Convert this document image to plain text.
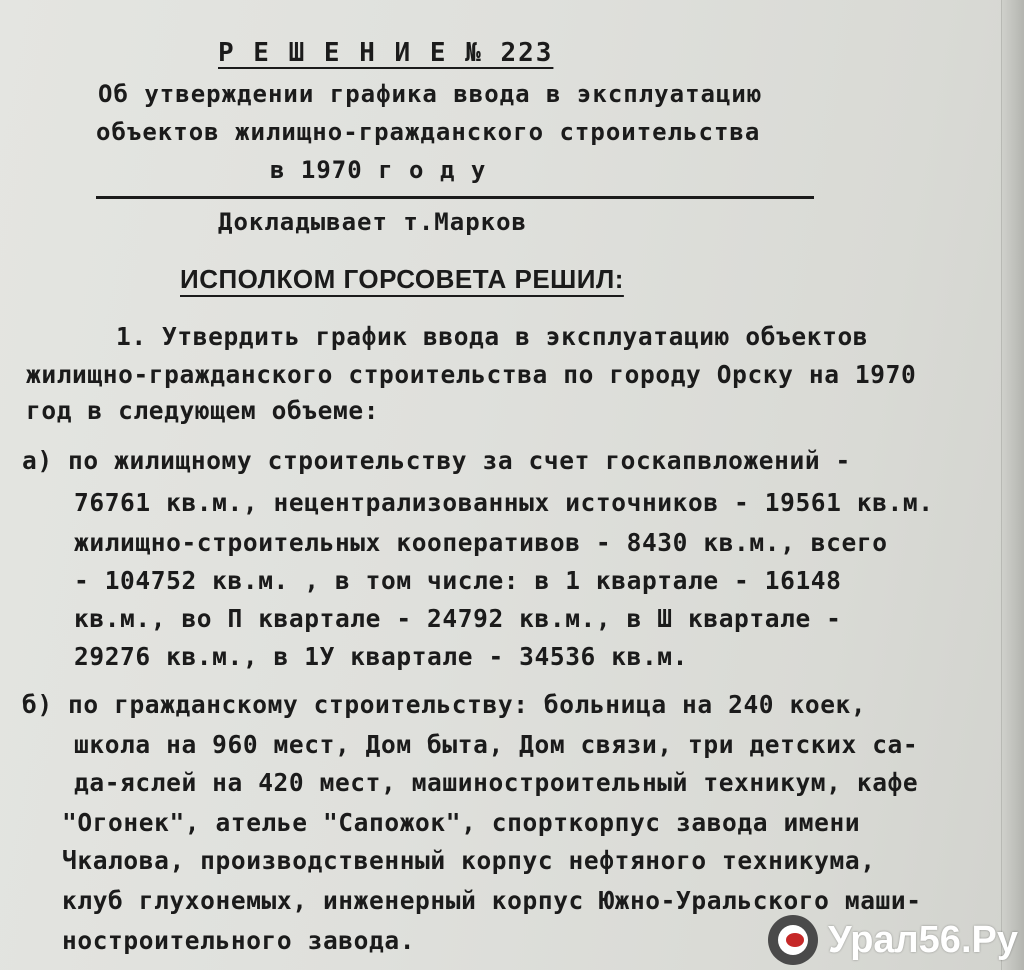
Р Е Ш Е Н И Е № 223
Об утверждении графика ввода в эксплуатацию
объектов жилищно-гражданского строительства
в 1970 г о д у
Докладывает т.Марков
ИСПОЛКОМ ГОРСОВЕТА РЕШИЛ:
1. Утвердить график ввода в эксплуатацию объектов
жилищно-гражданского строительства по городу Орску на 1970
год в следующем объеме:
а) по жилищному строительству за счет госкапвложений -
76761 кв.м., нецентрализованных источников - 19561 кв.м.
жилищно-строительных кооперативов - 8430 кв.м., всего
- 104752 кв.м. , в том числе: в 1 квартале - 16148
кв.м., во П квартале - 24792 кв.м., в Ш квартале -
29276 кв.м., в 1У квартале - 34536 кв.м.
б) по гражданскому строительству: больница на 240 коек,
школа на 960 мест, Дом быта, Дом связи, три детских са-
да-яслей на 420 мест, машиностроительный техникум, кафе
"Огонек", ателье "Сапожок", спорткорпус завода имени
Чкалова, производственный корпус нефтяного техникума,
клуб глухонемых, инженерный корпус Южно-Уральского маши-
ностроительного завода.	Урал56.Ру
